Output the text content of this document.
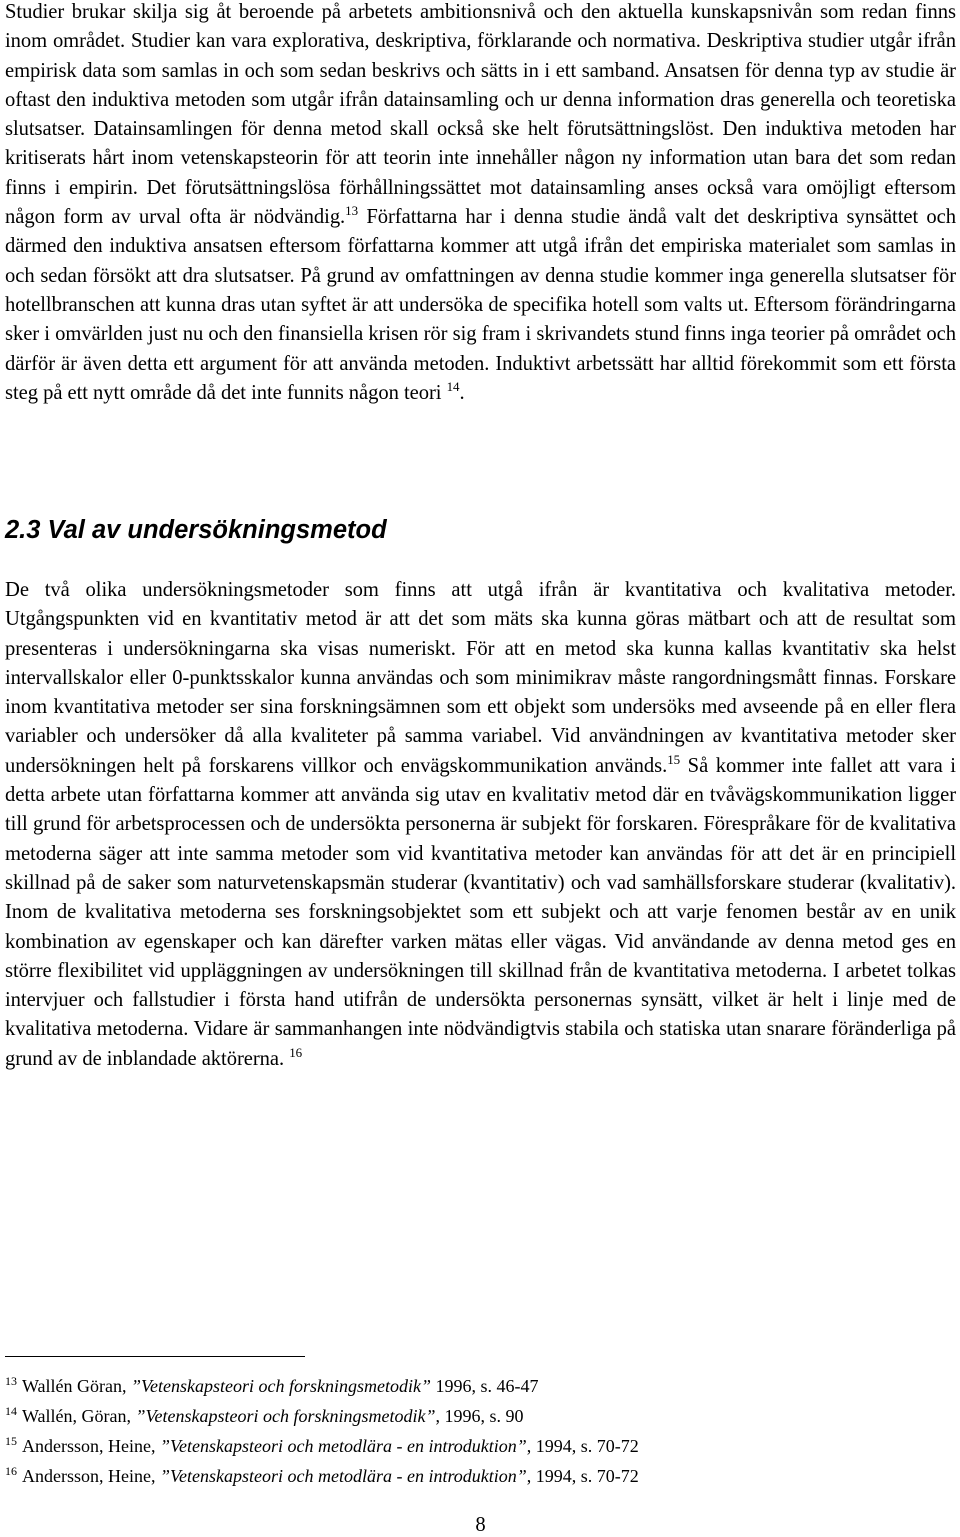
Studier brukar skilja sig åt beroende på arbetets ambitionsnivå och den aktuella kunskapsnivån som redan finns inom området. Studier kan vara explorativa, deskriptiva, förklarande och normativa. Deskriptiva studier utgår ifrån empirisk data som samlas in och som sedan beskrivs och sätts in i ett samband. Ansatsen för denna typ av studie är oftast den induktiva metoden som utgår ifrån datainsamling och ur denna information dras generella och teoretiska slutsatser. Datainsamlingen för denna metod skall också ske helt förutsättningslöst. Den induktiva metoden har kritiserats hårt inom vetenskapsteorin för att teorin inte innehåller någon ny information utan bara det som redan finns i empirin. Det förutsättningslösa förhållningssättet mot datainsamling anses också vara omöjligt eftersom någon form av urval ofta är nödvändig.$^{13}$ Författarna har i denna studie ändå valt det deskriptiva synsättet och därmed den induktiva ansatsen eftersom författarna kommer att utgå ifrån det empiriska materialet som samlas in och sedan försökt att dra slutsatser. På grund av omfattningen av denna studie kommer inga generella slutsatser för hotellbranschen att kunna dras utan syftet är att undersöka de specifika hotell som valts ut. Eftersom förändringarna sker i omvärlden just nu och den finansiella krisen rör sig fram i skrivandets stund finns inga teorier på området och därför är även detta ett argument för att använda metoden. Induktivt arbetssätt har alltid förekommit som ett första steg på ett nytt område då det inte funnits någon teori $^{14}$.

2.3 Val av undersökningsmetod

De två olika undersökningsmetoder som finns att utgå ifrån är kvantitativa och kvalitativa metoder. Utgångspunkten vid en kvantitativ metod är att det som mäts ska kunna göras mätbart och att de resultat som presenteras i undersökningarna ska visas numeriskt. För att en metod ska kunna kallas kvantitativ ska helst intervallskalor eller 0-punktsskalor kunna användas och som minimikrav måste rangordningsmått finnas. Forskare inom kvantitativa metoder ser sina forskningsämnen som ett objekt som undersöks med avseende på en eller flera variabler och undersöker då alla kvaliteter på samma variabel. Vid användningen av kvantitativa metoder sker undersökningen helt på forskarens villkor och envägskommunikation används.$^{15}$ Så kommer inte fallet att vara i detta arbete utan författarna kommer att använda sig utav en kvalitativ metod där en tvåvägskommunikation ligger till grund för arbetsprocessen och de undersökta personerna är subjekt för forskaren. Förespråkare för de kvalitativa metoderna säger att inte samma metoder som vid kvantitativa metoder kan användas för att det är en principiell skillnad på de saker som naturvetenskapsmän studerar (kvantitativ) och vad samhällsforskare studerar (kvalitativ). Inom de kvalitativa metoderna ses forskningsobjektet som ett subjekt och att varje fenomen består av en unik kombination av egenskaper och kan därefter varken mätas eller vägas. Vid användande av denna metod ges en större flexibilitet vid uppläggningen av undersökningen till skillnad från de kvantitativa metoderna. I arbetet tolkas intervjuer och fallstudier i första hand utifrån de undersökta personernas synsätt, vilket är helt i linje med de kvalitativa metoderna. Vidare är sammanhangen inte nödvändigtvis stabila och statiska utan snarare föränderliga på grund av de inblandade aktörerna. $^{16}$

$^{13}$ Wallén Göran, ”Vetenskapsteori och forskningsmetodik” 1996, s. 46-47
$^{14}$ Wallén, Göran, ”Vetenskapsteori och forskningsmetodik”, 1996, s. 90
$^{15}$ Andersson, Heine, ”Vetenskapsteori och metodlära - en introduktion”, 1994, s. 70-72
$^{16}$ Andersson, Heine, ”Vetenskapsteori och metodlära - en introduktion”, 1994, s. 70-72
8
